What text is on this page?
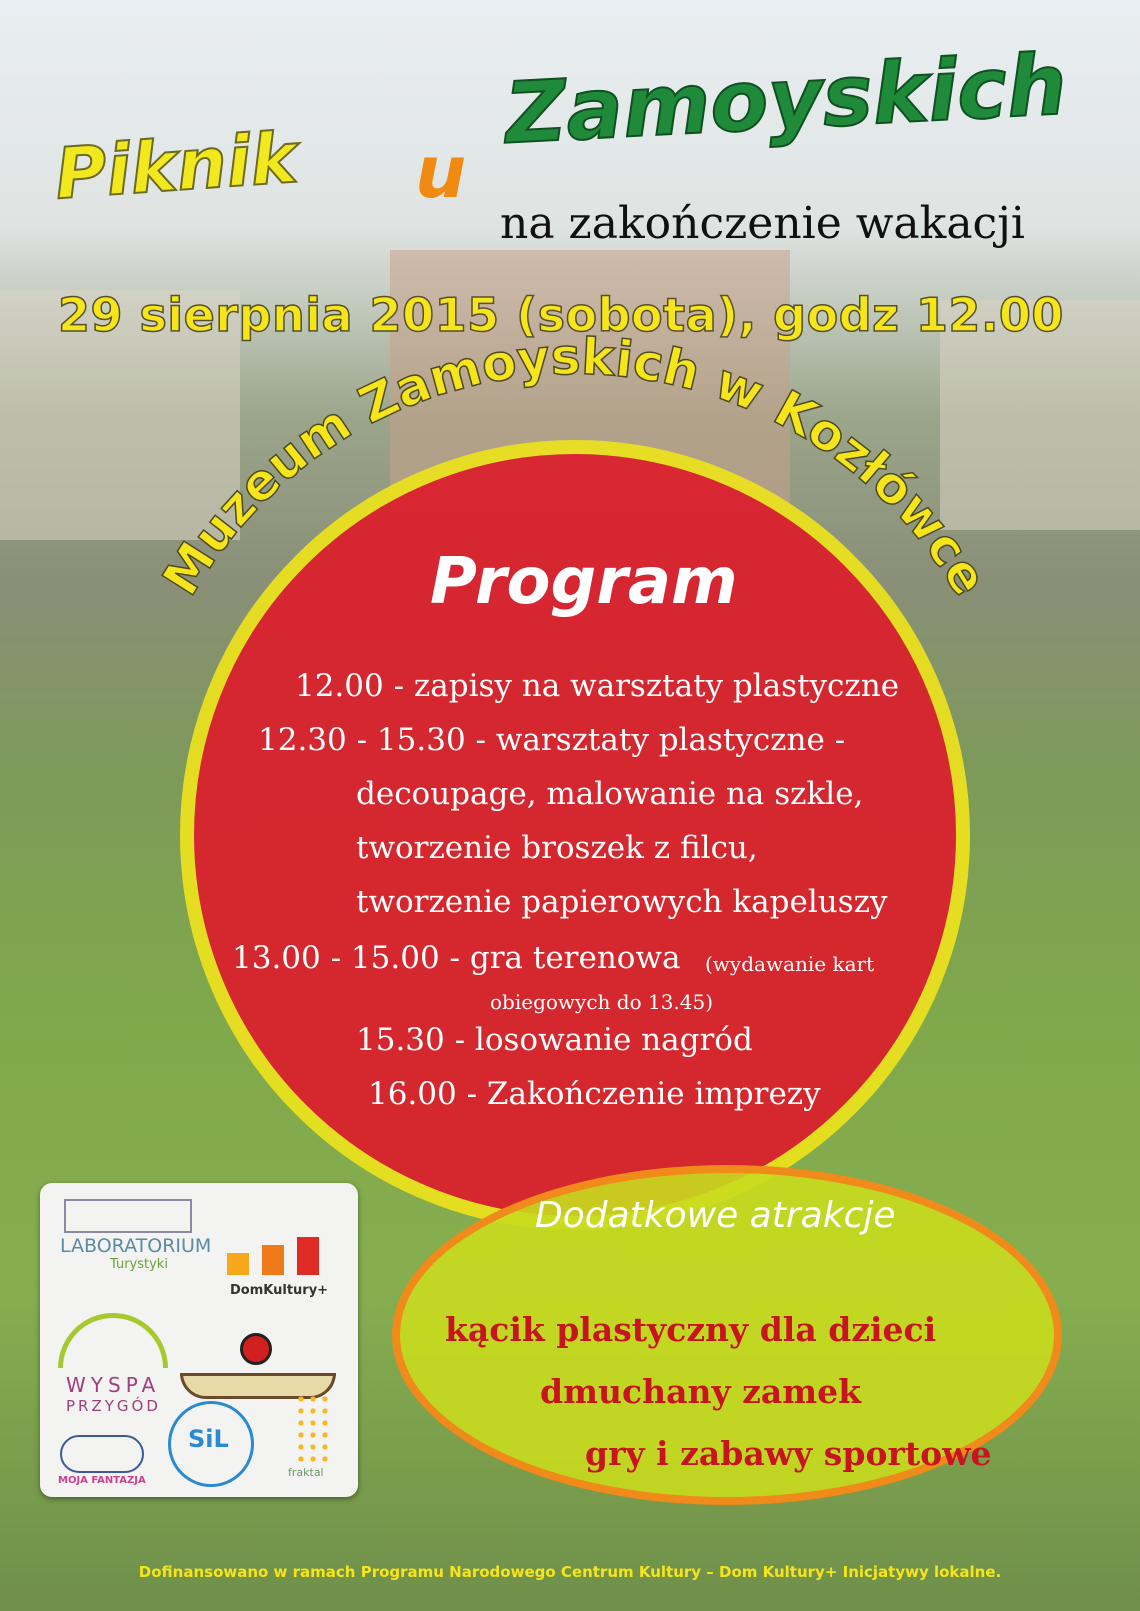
Piknik u
Zamoyskich
na zakończenie wakacji
29 sierpnia 2015 (sobota), godz 12.00
Muzeum Zamoyskich w Kozłówce
Program
12.00 - zapisy na warsztaty plastyczne
12.30 - 15.30 - warsztaty plastyczne -
decoupage, malowanie na szkle,
tworzenie broszek z filcu,
tworzenie papierowych kapeluszy
13.00 - 15.00 - gra terenowa (wydawanie kart
obiegowych do 13.45)
15.30 - losowanie nagród
16.00 - Zakończenie imprezy
Dodatkowe atrakcje
kącik plastyczny dla dzieci
dmuchany zamek
gry i zabawy sportowe
LABORATORIUM
Turystyki
DomKultury+
WYSPA
PRZYGÓD
SiL
fraktal
MOJA FANTAZJA
Dofinansowano w ramach Programu Narodowego Centrum Kultury – Dom Kultury+ Inicjatywy lokalne.
